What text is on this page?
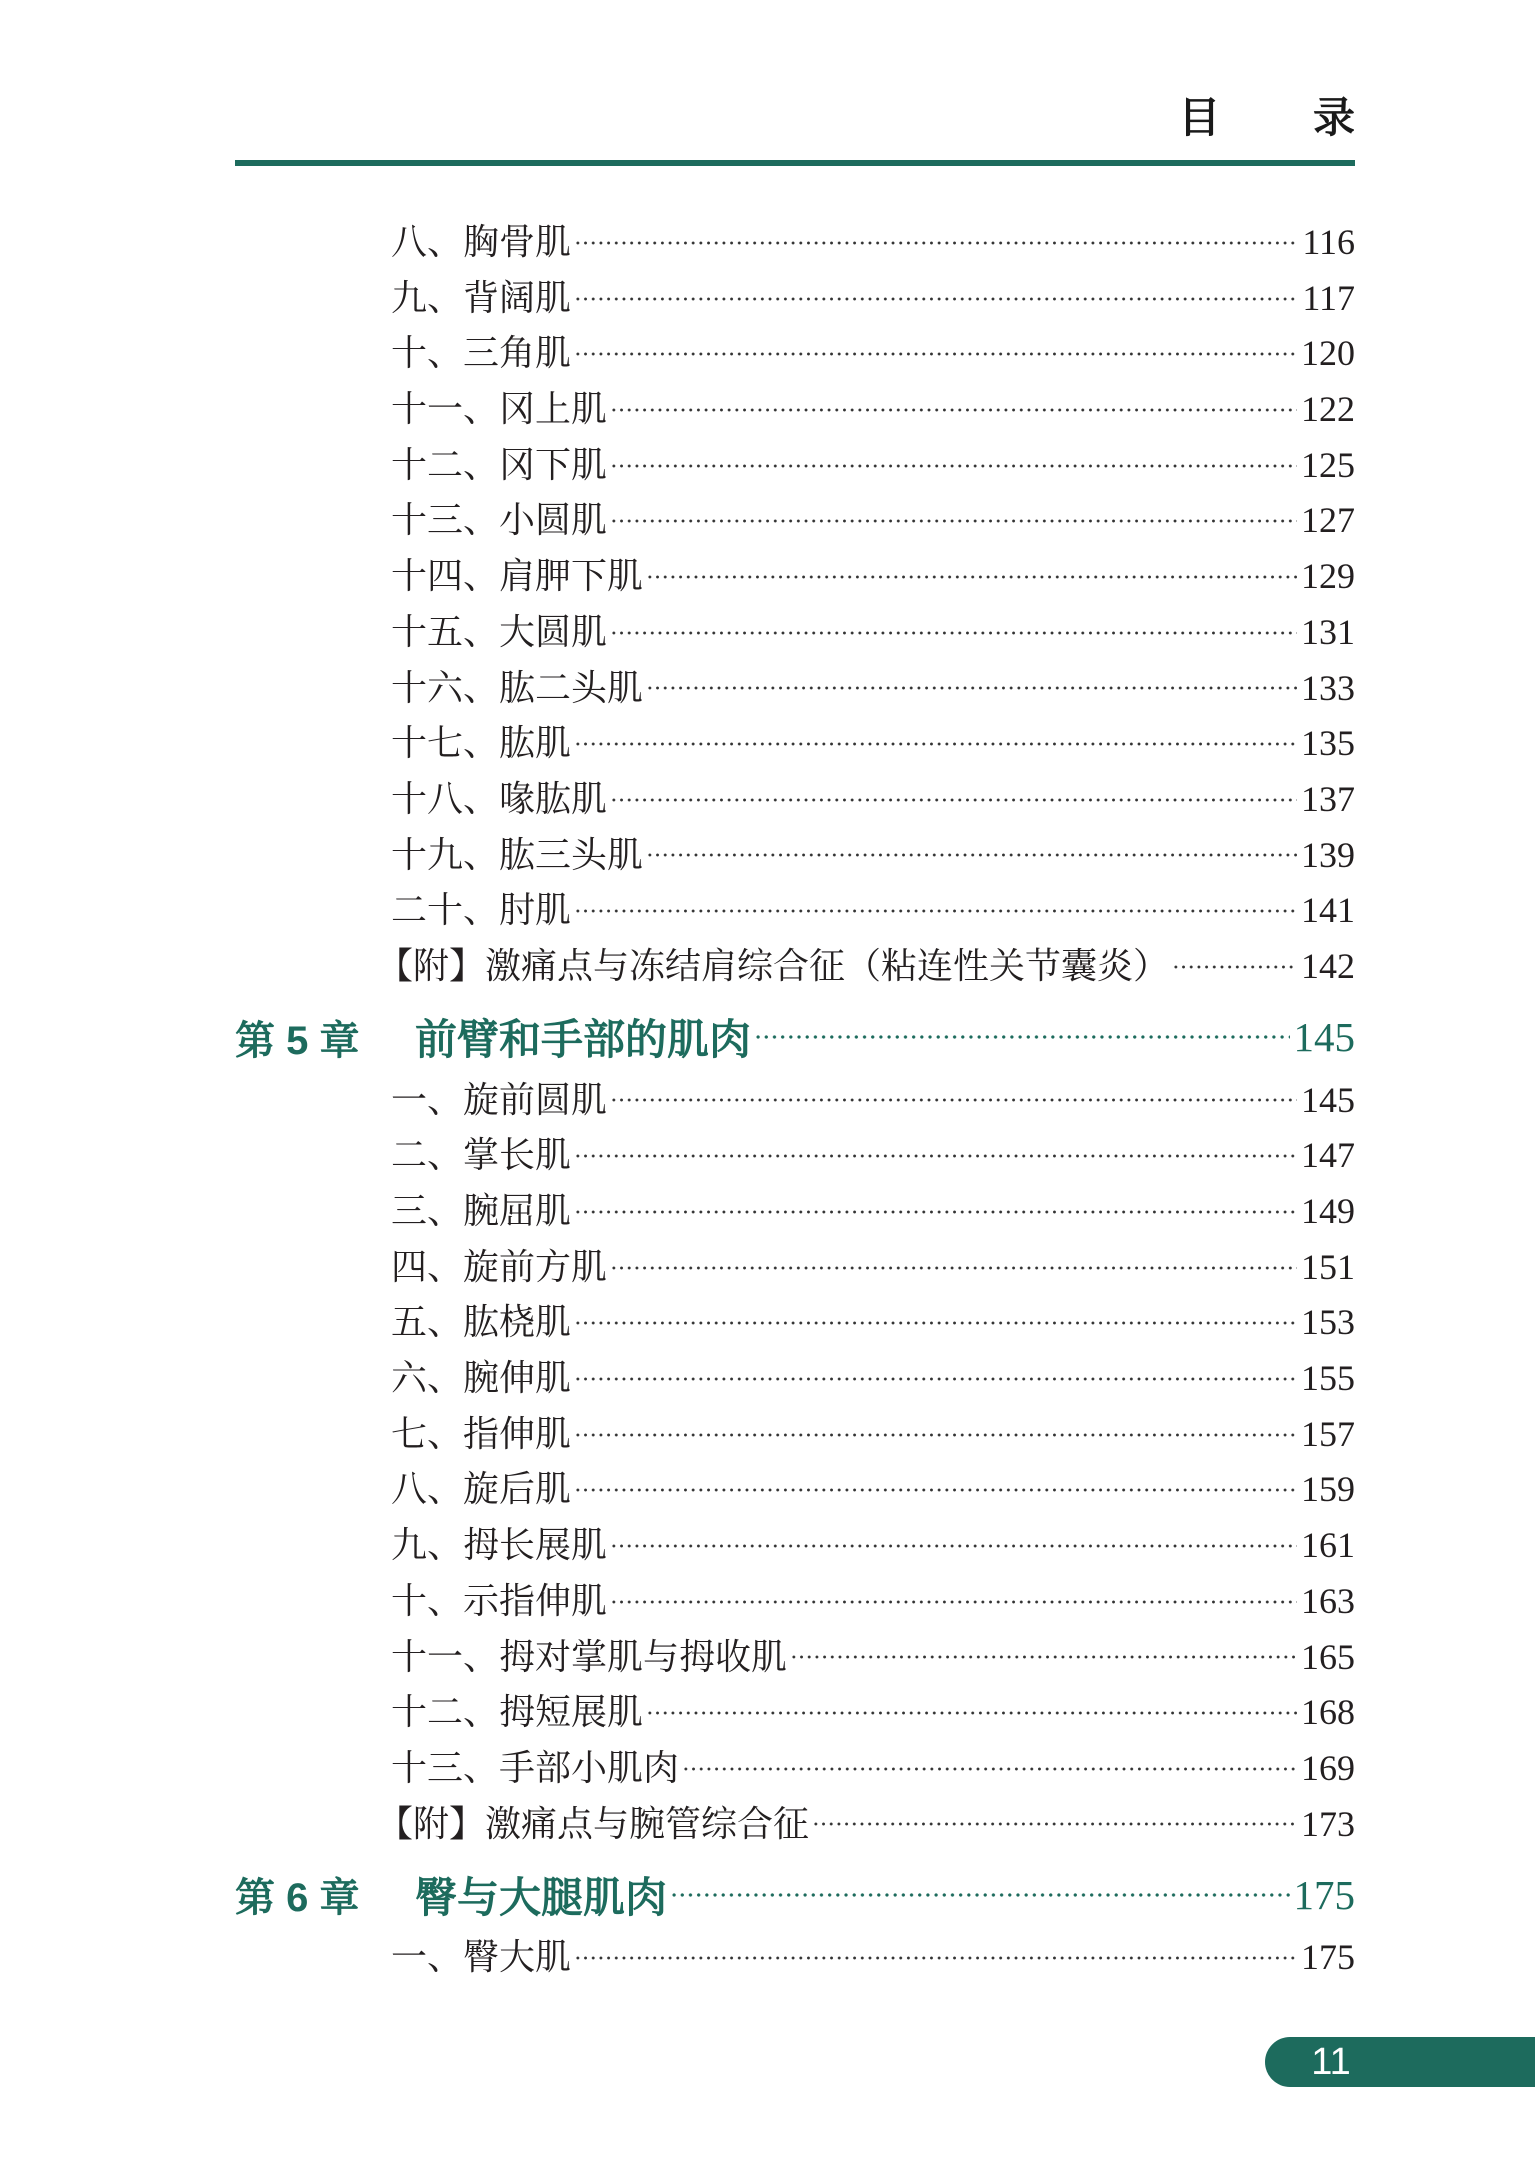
目 录
八、胸骨肌	116
九、背阔肌	117
十、三角肌	120
十一、冈上肌	122
十二、冈下肌	125
十三、小圆肌	127
十四、肩胛下肌	129
十五、大圆肌	131
十六、肱二头肌	133
十七、肱肌	135
十八、喙肱肌	137
十九、肱三头肌	139
二十、肘肌	141
【附】激痛点与冻结肩综合征（粘连性关节囊炎）	142
第 5 章	前臂和手部的肌肉	145
一、旋前圆肌	145
二、掌长肌	147
三、腕屈肌	149
四、旋前方肌	151
五、肱桡肌	153
六、腕伸肌	155
七、指伸肌	157
八、旋后肌	159
九、拇长展肌	161
十、示指伸肌	163
十一、拇对掌肌与拇收肌	165
十二、拇短展肌	168
十三、手部小肌肉	169
【附】激痛点与腕管综合征	173
第 6 章	臀与大腿肌肉	175
一、臀大肌	175
11
